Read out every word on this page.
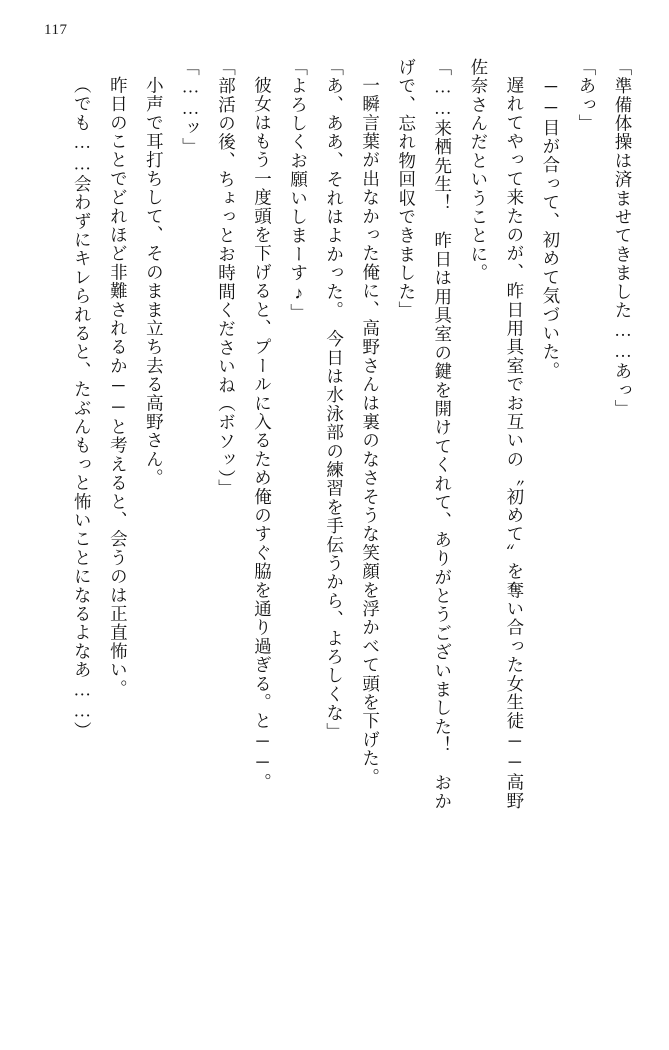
117

「準備体操は済ませてきました……あっ」

「あっ」

──目が合って、初めて気づいた。

遅れてやって来たのが、昨日用具室でお互いの〝初めて〟を奪い合った女生徒──高野

佐奈さんだということに。

「……来栖先生！　昨日は用具室の鍵を開けてくれて、ありがとうございました！　おか

げで、忘れ物回収できました」

一瞬言葉が出なかった俺に、高野さんは裏のなさそうな笑顔を浮かべて頭を下げた。

「あ、ああ、それはよかった。　今日は水泳部の練習を手伝うから、よろしくな」

「よろしくお願いしまーす♪」

彼女はもう一度頭を下げると、プールに入るため俺のすぐ脇を通り過ぎる。と──。

「部活の後、ちょっとお時間くださいね（ボソッ）」

「……ッ」

小声で耳打ちして、そのまま立ち去る高野さん。

昨日のことでどれほど非難されるか──と考えると、会うのは正直怖い。

（でも……会わずにキレられると、たぶんもっと怖いことになるよなあ……）
